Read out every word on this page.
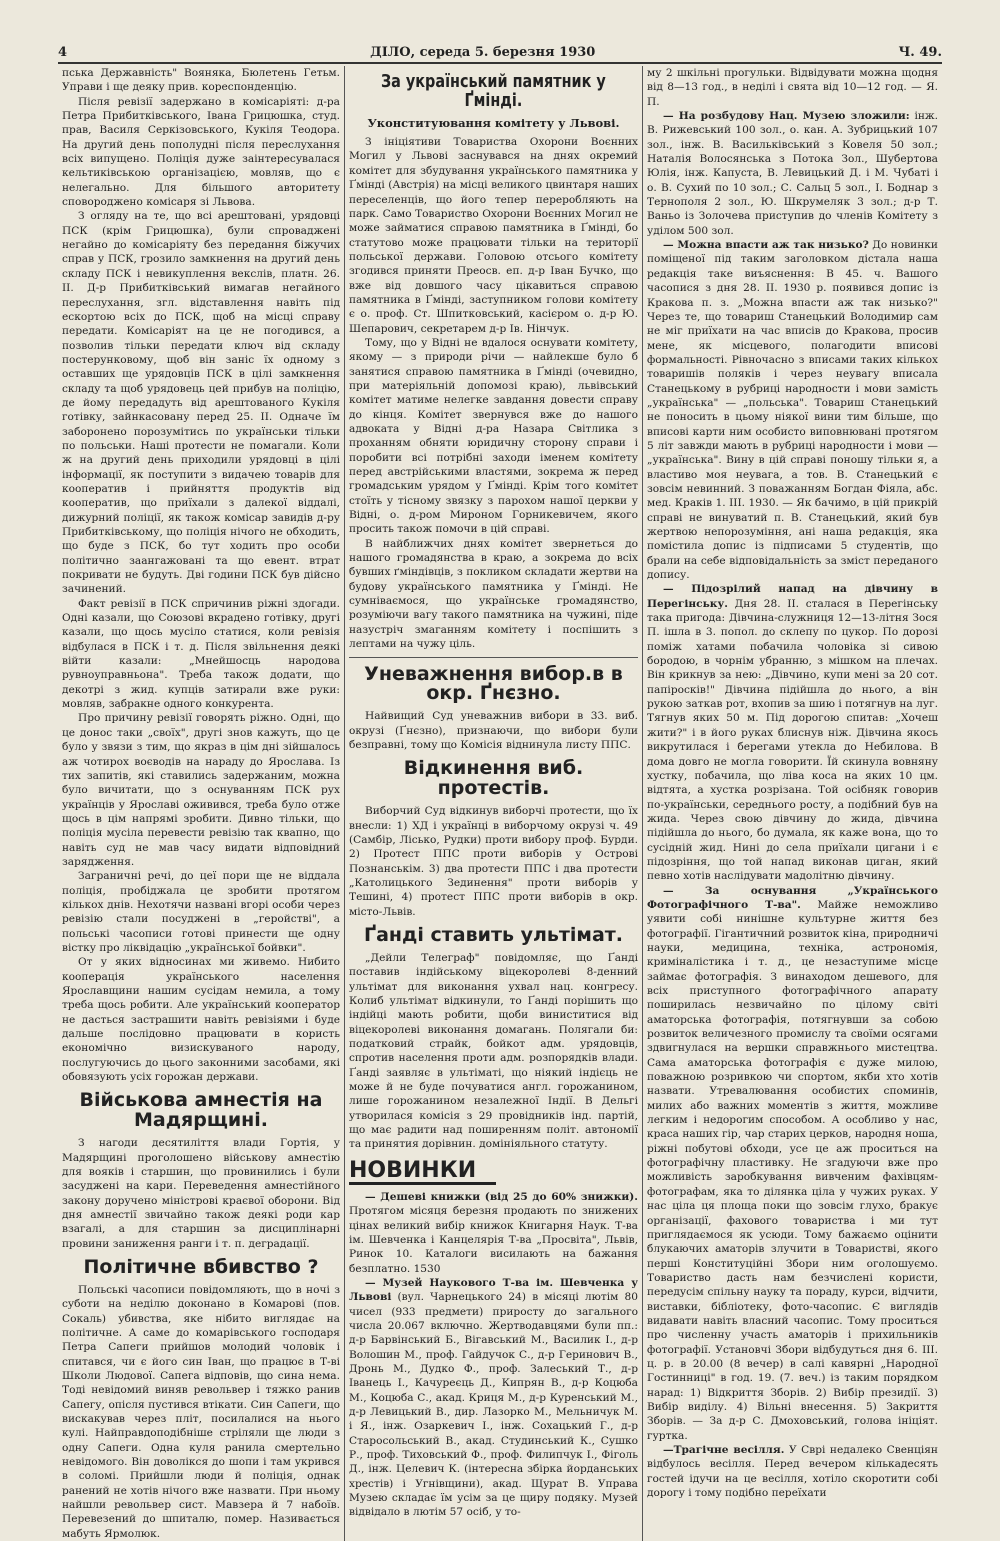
4	ДІЛО, середа 5. березня 1930	Ч. 49.

пська Державність" Вояняка, Бюлетень Гетьм. Управи і ще деяку прив. кореспонденцію.

Після ревізії задержано в комісаріяті: д-ра Петра Прибитківського, Івана Грицюшка, студ. прав, Василя Серкізовського, Кукіля Теодора. На другий день пополудні після переслухання всіх випущено. Поліція дуже заінтересувалася кельтиківською організацією, мовляв, що є нелегально. Для більшого авторитету сповороджено комісаря зі Львова.

З огляду на те, що всі арештовані, урядовці ПСК (крім Грицюшка), були спроваджені негайно до комісаріяту без передання біжучих справ у ПСК, грозило замкнення на другий день складу ПСК і невикуплення векслів, платн. 26. II. Д-р Прибитківський вимагав негайного переслухання, згл. відставлення навіть під ескортою всіх до ПСК, щоб на місці справу передати. Комісаріят на це не погодився, а позволив тільки передати ключ від складу постерунковому, щоб він заніс їх одному з оставших ще урядовців ПСК в цілі замкнення складу та щоб урядовець цей прибув на поліцію, де йому передадуть від арештованого Кукіля готівку, зайнкасовану перед 25. II. Одначе їм заборонено порозумітись по українськи тільки по польськи. Наші протести не помагали. Коли ж на другий день приходили урядовці в цілі інформації, як поступити з видачею товарів для кооператив і прийняття продуктів від кооператив, що приїхали з далекої віддалі, дижурний поліції, як також комісар завидів д-ру Прибитківському, що поліція нічого не обходить, що буде з ПСК, бо тут ходить про особи політично заангажовані та що евент. втрат покривати не будуть. Дві години ПСК був дійсно зачинений.

Факт ревізії в ПСК спричинив ріжні здогади. Одні казали, що Союзові вкрадено готівку, другі казали, що щось мусіло статися, коли ревізія відбулася в ПСК і т. д. Після звільнення деякі війти казали: „Мнейшосць народова рувноуправньона". Треба також додати, що декотрі з жид. купців затирали вже руки: мовляв, забракне одного конкурента.

Про причину ревізії говорять ріжно. Одні, що це донос таки „своїх", другі знов кажуть, що це було у звязи з тим, що якраз в цім дні зійшалось аж чотирох воєводів на нараду до Ярослава. Із тих запитів, які ставились задержаним, можна було вичитати, що з оснуванням ПСК рух українців у Ярославі оживився, треба було отже щось в цім напрямі зробити. Дивно тільки, що поліція мусіла перевести ревізію так квапно, що навіть суд не мав часу видати відповідний зарядження.

Заграничні речі, до цеї пори ще не віддала поліція, пробіджала це зробити протягом кількох днів. Нехотячи названі вгорі особи через ревізію стали посуджені в „геройстві", а польські часописи готові принести ще одну вістку про ліквідацію „української бойвки".

От у яких відносинах ми живемо. Нибито кооперація українського населення Ярославщини нашим сусідам немила, а тому треба щось робити. Але український кооператор не дасться застрашити навіть ревізіями і буде дальше послідовно працювати в користь економічно визискуваного народу, послугуючись до цього законними засобами, які обовязують усіх горожан держави.

Військова амнестія на Мадярщині.

З нагоди десятиліття влади Гортія, у Мадярщині проголошено військову амнестію для вояків і старшин, що провинились і були засуджені на кари. Переведення амнестійного закону доручено міністрові краєвої оборони. Від дня амнестії звичайно також деякі роди кар взагалі, а для старшин за дисциплінарні провини заниження ранги і т. п. деградації.

Політичне вбивство ?

Польські часописи повідомляють, що в ночі з суботи на неділю доконано в Комарові (пов. Сокаль) убивства, яке нібито виглядає на політичне. А саме до комарівського господаря Петра Сапеги прийшов молодий чоловік і спитався, чи є його син Іван, що працює в Т-ві Школи Людової. Сапега відповів, що сина нема. Тоді невідомий виняв револьвер і тяжко ранив Сапегу, опісля пустився втікати. Син Сапеги, що вискакував через пліт, посилалися на нього кулі. Найправдоподібніше стріляли ще люди з одну Сапеги. Одна куля ранила смертельно невідомого. Він доволікся до шопи і там укрився в соломі. Прийшли люди й поліція, однак ранений не хотів нічого вже назвати. При ньому найшли револьвер сист. Мавзера й 7 набоїв. Перевезений до шпиталю, помер. Називається мабуть Ярмолюк.

За український памятник у Ґмінді.
Уконституювання комітету у Львові.

З ініціятиви Товариства Охорони Воєнних Могил у Львові заснувався на днях окремий комітет для збудування українського памятника у Ґмінді (Австрія) на місці великого цвинтаря наших переселенців, що його тепер переробляють на парк. Само Товариство Охорони Воєнних Могил не може займатися справою памятника в Ґмінді, бо статутово може працювати тільки на території польської держави. Головою отсього комітету згодився приняти Преосв. еп. д-р Іван Бучко, що вже від довшого часу цікавиться справою памятника в Ґмінді, заступником голови комітету є о. проф. Ст. Шпитковський, касієром о. д-р Ю. Шепарович, секретарем д-р Ів. Нінчук.

Тому, що у Відні не вдалося оснувати комітету, якому — з природи річи — найлекше було б занятися справою памятника в Ґмінді (очевидно, при матеріяльній допомозі краю), львівський комітет матиме нелегке завдання довести справу до кінця. Комітет звернувся вже до нашого адвоката у Відні д-ра Назара Світлика з проханням обняти юридичну сторону справи і поробити всі потрібні заходи іменем комітету перед австрійськими властями, зокрема ж перед громадським урядом у Ґмінді. Крім того комітет стоїть у тісному звязку з парохом нашої церкви у Відні, о. д-ром Мироном Горникевичем, якого просить також помочи в цій справі.

В найближчих днях комітет звернеться до нашого громадянства в краю, а зокрема до всіх бувших ґміндівців, з покликом складати жертви на будову українського памятника у Ґмінді. Не сумніваємося, що українське громадянство, розуміючи вагу такого памятника на чужині, піде назустріч змаганням комітету і поспішить з лептами на чужу ціль.

Уневажнення вибор.в в окр. Ґнєзно.

Найвищий Суд уневажнив вибори в 33. виб. окрузі (Ґнєзно), признаючи, що вибори були безправні, тому що Комісія віднинула листу ППС.

Відкинення виб. протестів.

Виборчий Суд відкинув виборчі протести, що їх внесли: 1) ХД і українці в виборчому окрузі ч. 49 (Самбір, Лісько, Рудки) проти вибору проф. Бурди. 2) Протест ППС проти виборів у Острові Познанськім. 3) два протести ППС і два протести „Католицького Зединення" проти виборів у Тешині, 4) протест ППС проти виборів в окр. місто-Львів.

Ґанді ставить ультімат.

„Дейли Телеграф" повідомляє, що Ґанді поставив індійському віцекоролеві 8-денний ультімат для виконання ухвал нац. конгресу. Колиб ультімат відкинули, то Ґанді порішить що індійці мають робити, щоби виниститися від віцекоролеві виконання домагань. Полягали би: податковий страйк, бойкот адм. урядовців, спротив населення проти адм. розпорядків влади. Ґанді заявляє в ультіматі, що ніякий індієць не може й не буде почуватися англ. горожанином, лише горожанином незалежної Індії. В Дельгі утворилася комісія з 29 провідників інд. партій, що має радити над поширенням політ. автономії та принятия дорівнин. домініяльного статуту.

НОВИНКИ

— Дешеві книжки (від 25 до 60% знижки). Протягом місяця березня продають по знижених цінах великий вибір книжок Книгарня Наук. Т-ва ім. Шевченка і Канцелярія Т-ва „Просвіта", Львів, Ринок 10. Каталоги висилають на бажання безплатно. 1530

— Музей Наукового Т-ва ім. Шевченка у Львові (вул. Чарнецького 24) в місяці лютім 80 чисел (933 предмети) приросту до загального числа 20.067 включно. Жертводавцями були пп.: д-р Барвінський Б., Вігавський М., Василик І., д-р Волошин М., проф. Гайдучок С., д-р Геринович В., Дронь М., Дудко Ф., проф. Залеський Т., д-р Іванець І., Качуреєць Д., Кипрян В., д-р Коцюба М., Коцюба С., акад. Криця М., д-р Куренський М., д-р Левицький В., дир. Лазорко М., Мельничук М. і Я., інж. Озаркевич І., інж. Сохацький Г., д-р Старосольський В., акад. Студинський К., Сушко Р., проф. Тиховський Ф., проф. Филипчук І., Фіголь Д., інж. Целевич К. (інтересна збірка йорданських хрестів) і Угнівщини), акад. Щурат В. Управа Музею складає їм усім за це щиру подяку. Музей відвідало в лютім 57 осіб, у то-

му 2 шкільні прогульки. Відвідувати можна щодня від 8—13 год., в неділі і свята від 10—12 год. — Я. П.

— На розбудову Нац. Музею зложили: інж. В. Рижевський 100 зол., о. кан. А. Зубрицький 107 зол., інж. В. Васильківський з Ковеля 50 зол.; Наталія Волосянська з Потока Зол., Шубертова Юлія, інж. Капуста, В. Левицький Д. і М. Чубаті і о. В. Сухий по 10 зол.; С. Сальц 5 зол., І. Боднар з Тернополя 2 зол., Ю. Шкрумеляк 3 зол.; д-р Т. Ваньо із Золочева приступив до членів Комітету з уділом 500 зол.

— Можна впасти аж так низько? До новинки поміщеної під таким заголовком дістала наша редакція таке виъяснення: В 45. ч. Вашого часопися з дня 28. II. 1930 р. появився допис із Кракова п. з. „Можна впасти аж так низько?" Через те, що товариш Станецький Володимир сам не міг приїхати на час вписів до Кракова, просив мене, як місцевого, полагодити вписові формальності. Рівночасно з вписами таких кількох товаришів поляків і через неувагу вписала Станецькому в рубриці народности і мови замість „українська" — „польська". Товариш Станецький не поносить в цьому ніякої вини тим більше, що вписові карти ним особисто виповнювані протягом 5 літ завжди мають в рубриці народности і мови — „українська". Вину в цій справі поношу тільки я, а властиво моя неувага, а тов. В. Станецький є зовсім невинний. З поважанням Богдан Фіяла, абс. мед. Краків 1. III. 1930. — Як бачимо, в цій прикрій справі не винуватий п. В. Станецький, який був жертвою непорозуміння, ані наша редакція, яка помістила допис із підписами 5 студентів, що брали на себе відповідальність за зміст переданого допису.

— Підозрілий напад на дівчину в Перегінську. Дня 28. II. сталася в Перегінську така пригода: Дівчина-служниця 12—13-літня Зося П. ішла в 3. попол. до склепу по цукор. По дорозі поміж хатами побачила чоловіка зі сивою бородою, в чорнім убранню, з мішком на плечах. Він крикнув за нею: „Дівчино, купи мені за 20 сот. папіросків!" Дівчина підійшла до нього, а він рукою заткав рот, вхопив за шию і потягнув на луг. Тягнув яких 50 м. Під дорогою спитав: „Хочеш жити?" і в його руках блиснув ніж. Дівчина якось викрутилася і берегами утекла до Небилова. В дома довго не могла говорити. Їй скинула вовняну хустку, побачила, що ліва коса на яких 10 цм. відтята, а хустка розрізана. Той осібняк говорив по-українськи, середнього росту, а подібний був на жида. Через свою дівчину до жида, дівчина підійшла до нього, бо думала, як каже вона, що то сусідній жид. Нині до села приїхали цигани і є підозріння, що той напад виконав циган, який певно хотів наслідувати мадолітню дівчину.

— За оснування „Українського Фотографічного Т-ва". Майже неможливо уявити собі нинішне культурне життя без фотографії. Гігантичний розвиток кіна, природничі науки, медицина, техніка, астрономія, криміналістика і т. д., це незаступиме місце займає фотографія. З винаходом дешевого, для всіх приступного фотографічного апарату поширилась незвичайно по цілому світі аматорська фотографія, потягнувши за собою розвиток величезного промислу та своїми осягами здвигнулася на вершки справжнього мистецтва. Сама аматорська фотографія є дуже милою, поважною розривкою чи спортом, якби хто хотів назвати. Утревалювання особистих споминів, милих або важних моментів з життя, можливе легким і недорогим способом. А особливо у нас, краса наших гір, чар старих церков, народня ноша, ріжні побутові обходи, усе це аж проситься на фотографічну пластивку. Не згадуючи вже про можливість заробкування вивченим фахівцям-фотографам, яка то ділянка ціла у чужих руках. У нас ціла ця площа поки що зовсім глухо, бракує організації, фахового товариства і ми тут приглядаємося як усюди. Тому бажаємо оцінити блукаючих аматорів злучити в Товаристві, якого перші Конституційні Збори ним оголошуємо. Товариство дасть нам безчислені користи, передусім спільну науку та пораду, курси, відчити, виставки, бібліотеку, фото-часопис. Є виглядів видавати навіть власний часопис. Тому проситься про численну участь аматорів і прихильників фотографії. Установчі Збори відбудуться дня 6. III. ц. р. в 20.00 (8 вечер) в салі кавярні „Народної Гостинниці" в год. 19. (7. веч.) із таким порядком нарад: 1) Відкриття Зборів. 2) Вибір президії. 3) Вибір виділу. 4) Вільні внесення. 5) Закриття Зборів. — За д-р С. Дмоховський, голова ініціят. гуртка.

—Трагічне весілля. У Сврі недалеко Свенціян відбулось весілля. Перед вечером кількадесять гостей ідучи на це весілля, хотіло скоротити собі дорогу і тому подібно переїхати
